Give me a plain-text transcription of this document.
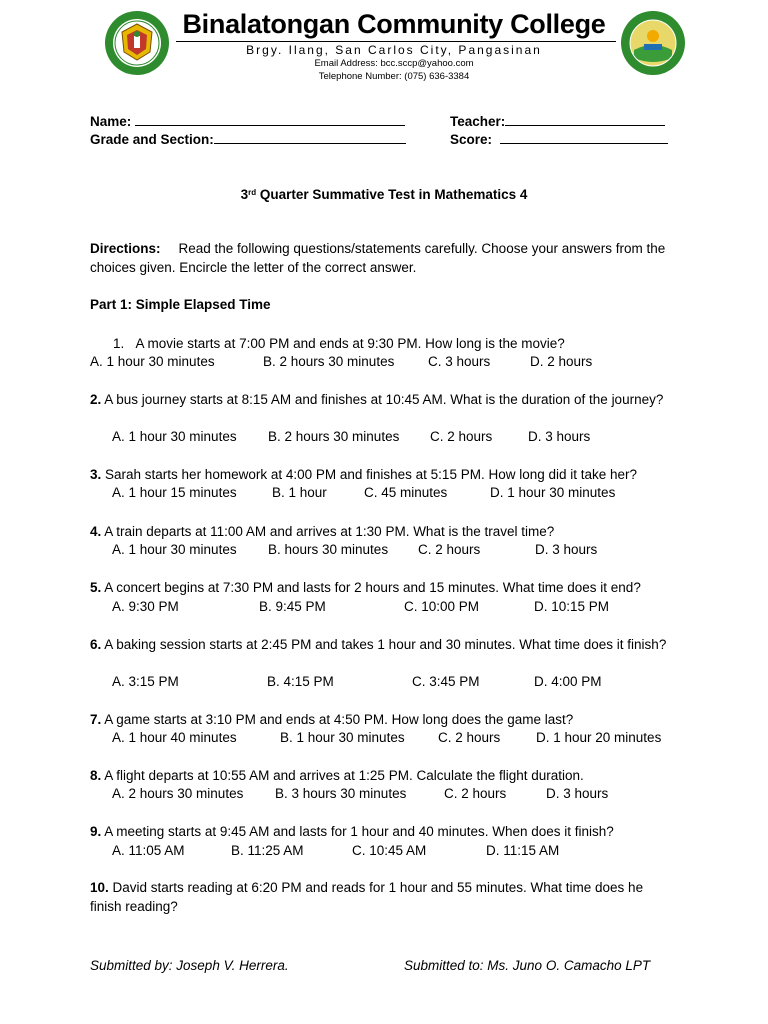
Binalatongan Community College
Brgy. Ilang, San Carlos City, Pangasinan
Email Address: bcc.sccp@yahoo.com
Telephone Number: (075) 636-3384
Name:	Teacher:
Grade and Section:	Score:
3rd Quarter Summative Test in Mathematics 4
Directions: Read the following questions/statements carefully. Choose your answers from the choices given. Encircle the letter of the correct answer.
Part 1: Simple Elapsed Time
1. A movie starts at 7:00 PM and ends at 9:30 PM. How long is the movie?
A. 1 hour 30 minutes	B. 2 hours 30 minutes C. 3 hours	D. 2 hours
2. A bus journey starts at 8:15 AM and finishes at 10:45 AM. What is the duration of the journey?
A. 1 hour 30 minutes B. 2 hours 30 minutes C. 2 hours	D. 3 hours
3. Sarah starts her homework at 4:00 PM and finishes at 5:15 PM. How long did it take her?
A. 1 hour 15 minutes	B. 1 hour	C. 45 minutes	D. 1 hour 30 minutes
4. A train departs at 11:00 AM and arrives at 1:30 PM. What is the travel time?
A. 1 hour 30 minutes B. hours 30 minutes C. 2 hours	D. 3 hours
5. A concert begins at 7:30 PM and lasts for 2 hours and 15 minutes. What time does it end?
A. 9:30 PM	B. 9:45 PM	C. 10:00 PM	D. 10:15 PM
6. A baking session starts at 2:45 PM and takes 1 hour and 30 minutes. What time does it finish?
A. 3:15 PM	B. 4:15 PM	C. 3:45 PM	D. 4:00 PM
7. A game starts at 3:10 PM and ends at 4:50 PM. How long does the game last?
A. 1 hour 40 minutes	B. 1 hour 30 minutes C. 2 hours	D. 1 hour 20 minutes
8. A flight departs at 10:55 AM and arrives at 1:25 PM. Calculate the flight duration.
A. 2 hours 30 minutes B. 3 hours 30 minutes	C. 2 hours	D. 3 hours
9. A meeting starts at 9:45 AM and lasts for 1 hour and 40 minutes. When does it finish?
A. 11:05 AM	B. 11:25 AM	C. 10:45 AM	D. 11:15 AM
10. David starts reading at 6:20 PM and reads for 1 hour and 55 minutes. What time does he finish reading?
Submitted by: Joseph V. Herrera.	Submitted to: Ms. Juno O. Camacho LPT
